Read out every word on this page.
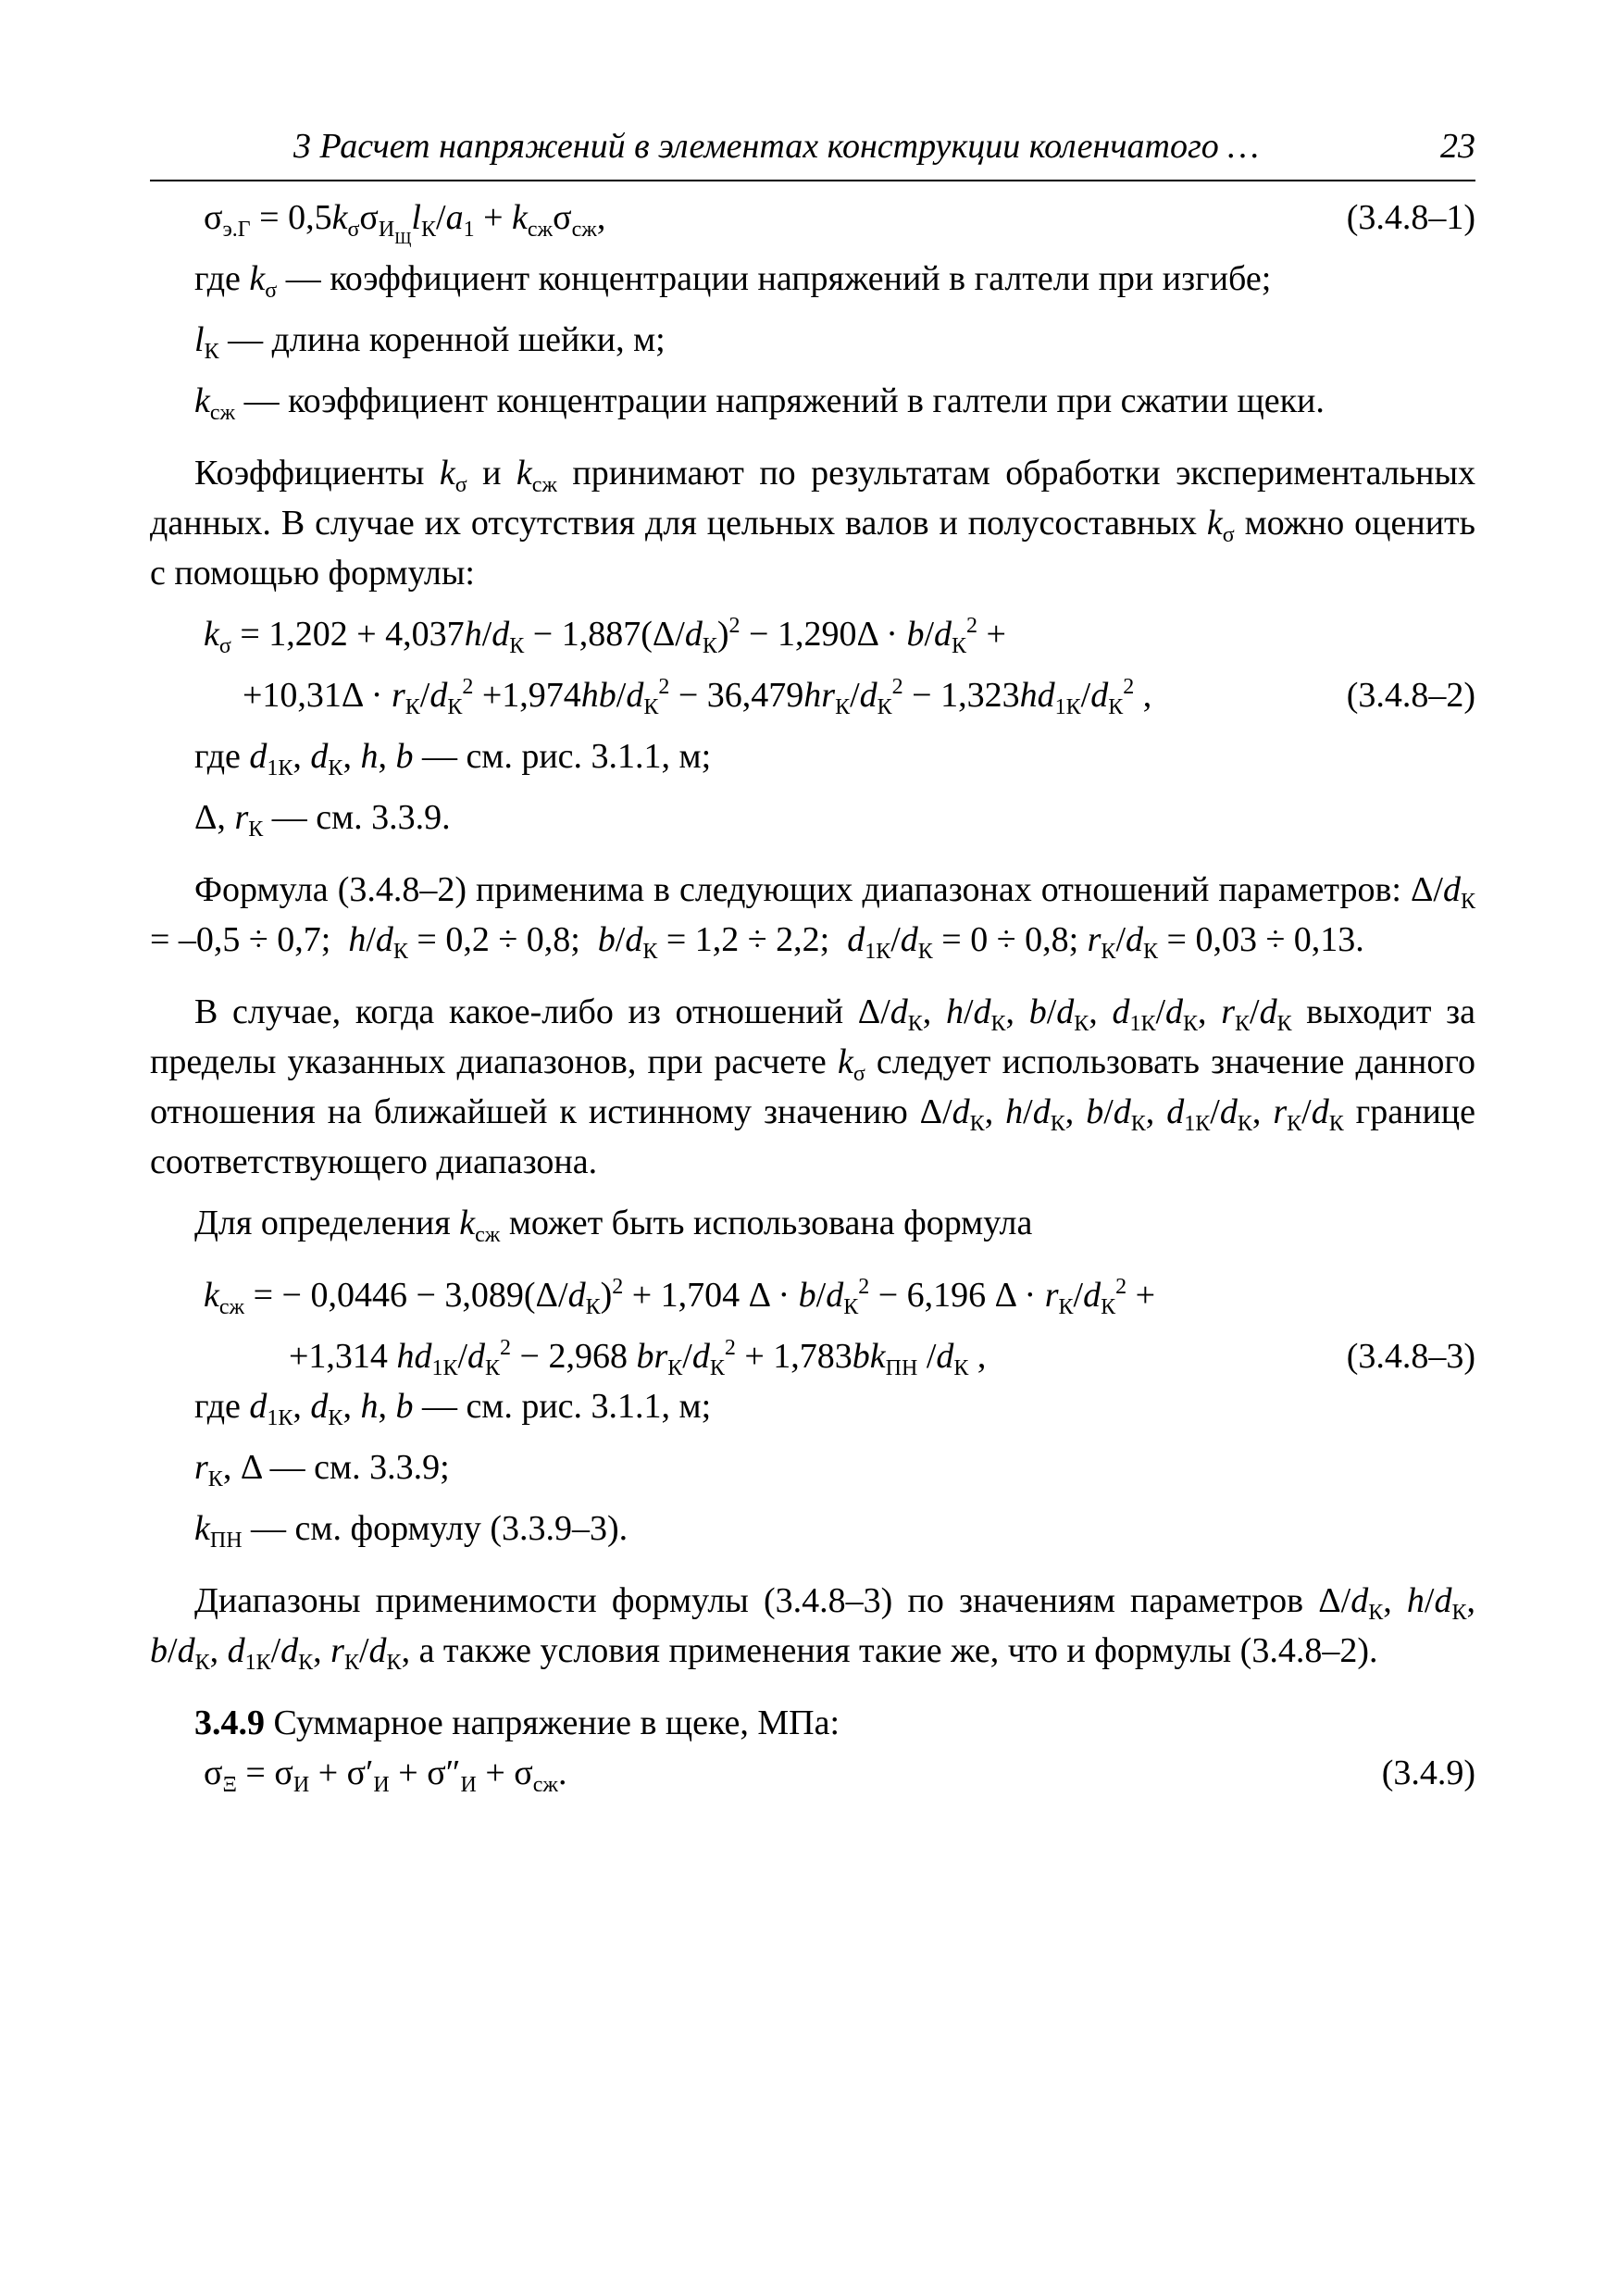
3 Расчет напряжений в элементах конструкции коленчатого …	23
$\sigma_{э.Г} = 0,5k_\sigma\sigma_{И_Щ}l_К/a_1 + k_{сж}\sigma_{сж}$,	(3.4.8–1)

где $k_\sigma$ — коэффициент концентрации напряжений в галтели при изгибе;

$l_К$ — длина коренной шейки, м;

$k_{сж}$ — коэффициент концентрации напряжений в галтели при сжатии щеки.

Коэффициенты $k_\sigma$ и $k_{сж}$ принимают по результатам обработки экспериментальных данных. В случае их отсутствия для цельных валов и полусоставных $k_\sigma$ можно оценить с помощью формулы:

$k_\sigma = 1,202 + 4,037h/d_К - 1,887(\Delta/d_К)^2 - 1,290\Delta \cdot b/d_К^2$ +
$+10,31\Delta \cdot r_К/d_К^2 +1,974hb/d_К^2 - 36,479hr_К/d_К^2 - 1,323hd_{1К}/d_К^2$ ,	(3.4.8–2)

где $d_{1К}$, $d_К$, h, b — см. рис. 3.1.1, м;

Δ, $r_К$ — см. 3.3.9.

Формула (3.4.8–2) применима в следующих диапазонах отношений параметров: $\Delta/d_К = -0,5 \div 0,7$;  $h/d_К = 0,2 \div 0,8$;  $b/d_К = 1,2 \div 2,2$;  $d_{1К}/d_К = 0 \div 0,8$; $r_К/d_К = 0,03 \div 0,13$.

В случае, когда какое-либо из отношений $\Delta/d_К$, $h/d_К$, $b/d_К$, $d_{1К}/d_К$, $r_К/d_К$ выходит за пределы указанных диапазонов, при расчете $k_\sigma$ следует использовать значение данного отношения на ближайшей к истинному значению $\Delta/d_К$, $h/d_К$, $b/d_К$, $d_{1К}/d_К$, $r_К/d_К$ границе соответствующего диапазона.

Для определения $k_{сж}$ может быть использована формула

$k_{сж}$ = − $0,0446 - 3,089(\Delta/d_К)^2 + 1,704$ $\Delta \cdot b/d_К^2 - 6,196$ $\Delta \cdot r_К/d_К^2$ +
+1,314 $hd_{1К}/d_К^2 - 2,968$ $br_К/d_К^2 + 1,783bk_{ПН}$ $/d_К$ ,	(3.4.8–3)

где $d_{1К}$, $d_К$, h, b — см. рис. 3.1.1, м;

$r_К$, Δ — см. 3.3.9;

$k_{ПН}$ — см. формулу (3.3.9–3).

Диапазоны применимости формулы (3.4.8–3) по значениям параметров $\Delta/d_К$, $h/d_К$, $b/d_К$, $d_{1К}/d_К$, $r_К/d_К$, а также условия применения такие же, что и формулы (3.4.8–2).

3.4.9 Суммарное напряжение в щеке, МПа:

$\sigma_\Xi = \sigma_И + \sigma'_И + \sigma''_И + \sigma_{сж}$.	(3.4.9)
